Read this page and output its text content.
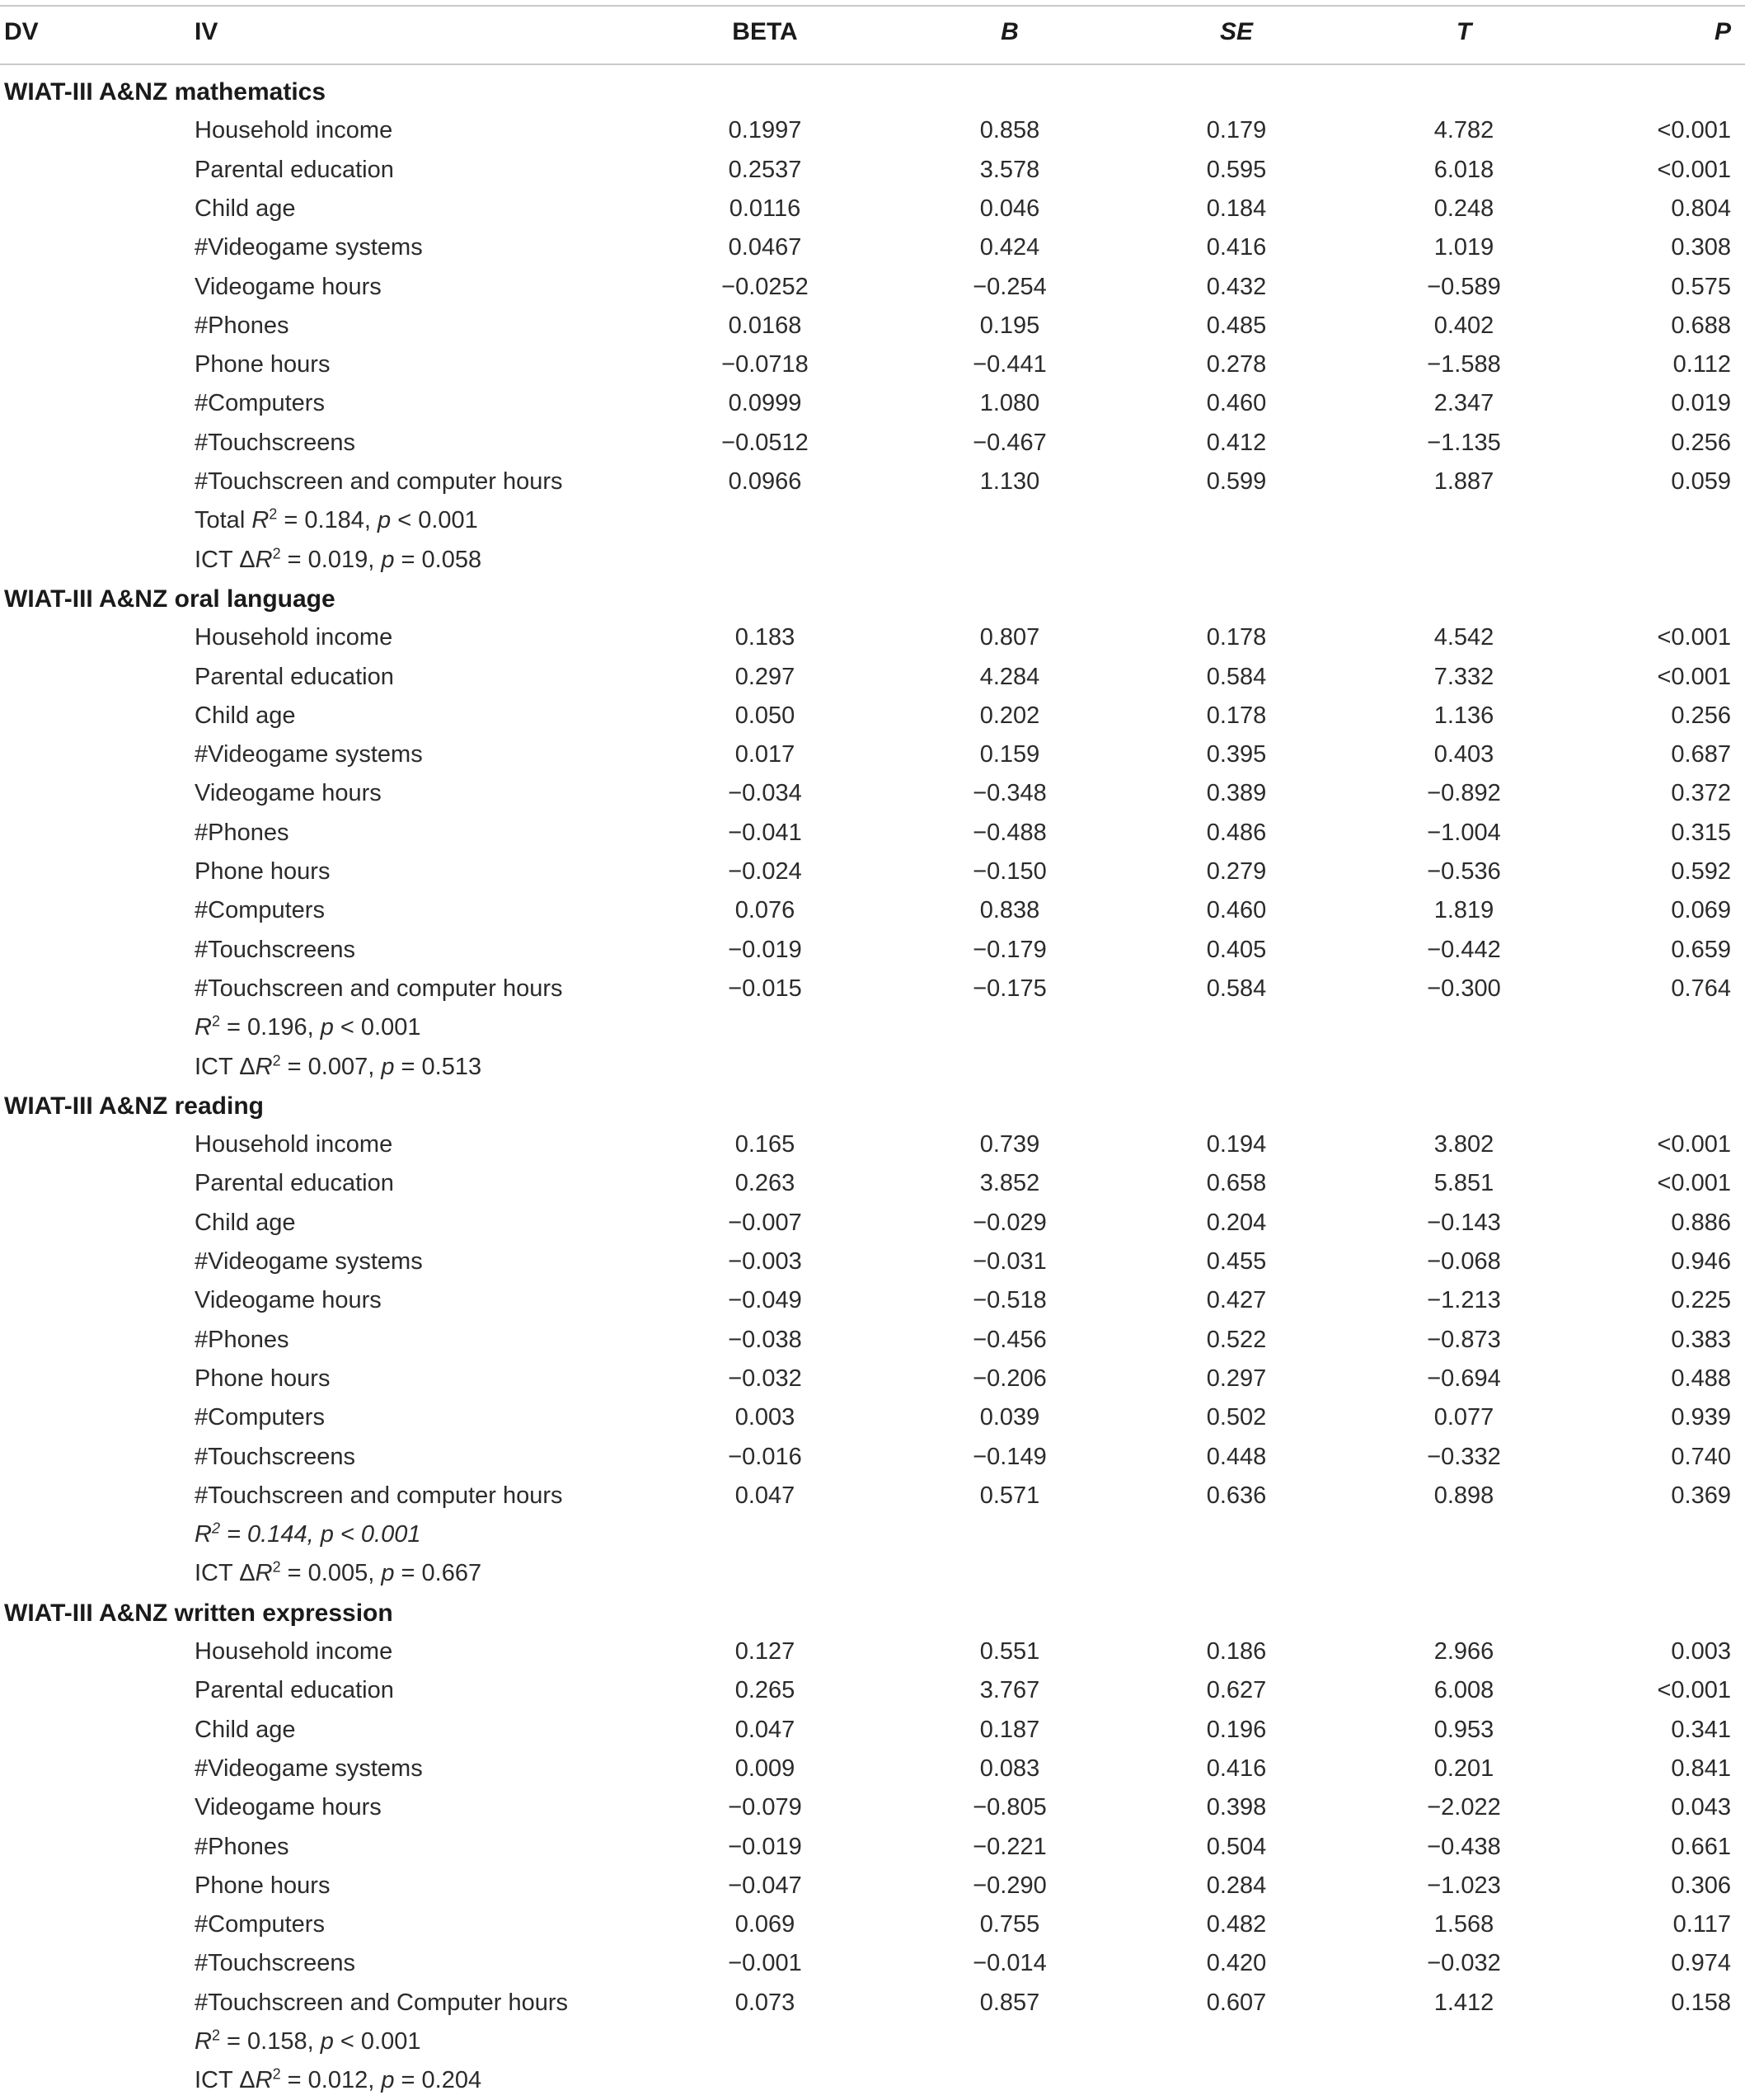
DV	IV	BETA	B	SE	T	P
WIAT-III A&NZ mathematics
Household income	0.1997	0.858	0.179	4.782	<0.001
Parental education	0.2537	3.578	0.595	6.018	<0.001
Child age	0.0116	0.046	0.184	0.248	0.804
#Videogame systems	0.0467	0.424	0.416	1.019	0.308
Videogame hours	−0.0252	−0.254	0.432	−0.589	0.575
#Phones	0.0168	0.195	0.485	0.402	0.688
Phone hours	−0.0718	−0.441	0.278	−1.588	0.112
#Computers	0.0999	1.080	0.460	2.347	0.019
#Touchscreens	−0.0512	−0.467	0.412	−1.135	0.256
#Touchscreen and computer hours	0.0966	1.130	0.599	1.887	0.059
Total $R^2 = 0.184$, p < 0.001
ICT $\Delta R^2 = 0.019$, p = 0.058
WIAT-III A&NZ oral language
Household income	0.183	0.807	0.178	4.542	<0.001
Parental education	0.297	4.284	0.584	7.332	<0.001
Child age	0.050	0.202	0.178	1.136	0.256
#Videogame systems	0.017	0.159	0.395	0.403	0.687
Videogame hours	−0.034	−0.348	0.389	−0.892	0.372
#Phones	−0.041	−0.488	0.486	−1.004	0.315
Phone hours	−0.024	−0.150	0.279	−0.536	0.592
#Computers	0.076	0.838	0.460	1.819	0.069
#Touchscreens	−0.019	−0.179	0.405	−0.442	0.659
#Touchscreen and computer hours	−0.015	−0.175	0.584	−0.300	0.764
$R^2 = 0.196$, p < 0.001
ICT $\Delta R^2 = 0.007$, p = 0.513
WIAT-III A&NZ reading
Household income	0.165	0.739	0.194	3.802	<0.001
Parental education	0.263	3.852	0.658	5.851	<0.001
Child age	−0.007	−0.029	0.204	−0.143	0.886
#Videogame systems	−0.003	−0.031	0.455	−0.068	0.946
Videogame hours	−0.049	−0.518	0.427	−1.213	0.225
#Phones	−0.038	−0.456	0.522	−0.873	0.383
Phone hours	−0.032	−0.206	0.297	−0.694	0.488
#Computers	0.003	0.039	0.502	0.077	0.939
#Touchscreens	−0.016	−0.149	0.448	−0.332	0.740
#Touchscreen and computer hours	0.047	0.571	0.636	0.898	0.369
$R^2 = 0.144$, p < 0.001
ICT $\Delta R^2 = 0.005$, p = 0.667
WIAT-III A&NZ written expression
Household income	0.127	0.551	0.186	2.966	0.003
Parental education	0.265	3.767	0.627	6.008	<0.001
Child age	0.047	0.187	0.196	0.953	0.341
#Videogame systems	0.009	0.083	0.416	0.201	0.841
Videogame hours	−0.079	−0.805	0.398	−2.022	0.043
#Phones	−0.019	−0.221	0.504	−0.438	0.661
Phone hours	−0.047	−0.290	0.284	−1.023	0.306
#Computers	0.069	0.755	0.482	1.568	0.117
#Touchscreens	−0.001	−0.014	0.420	−0.032	0.974
#Touchscreen and Computer hours	0.073	0.857	0.607	1.412	0.158
$R^2 = 0.158$, p < 0.001
ICT $\Delta R^2 = 0.012$, p = 0.204
